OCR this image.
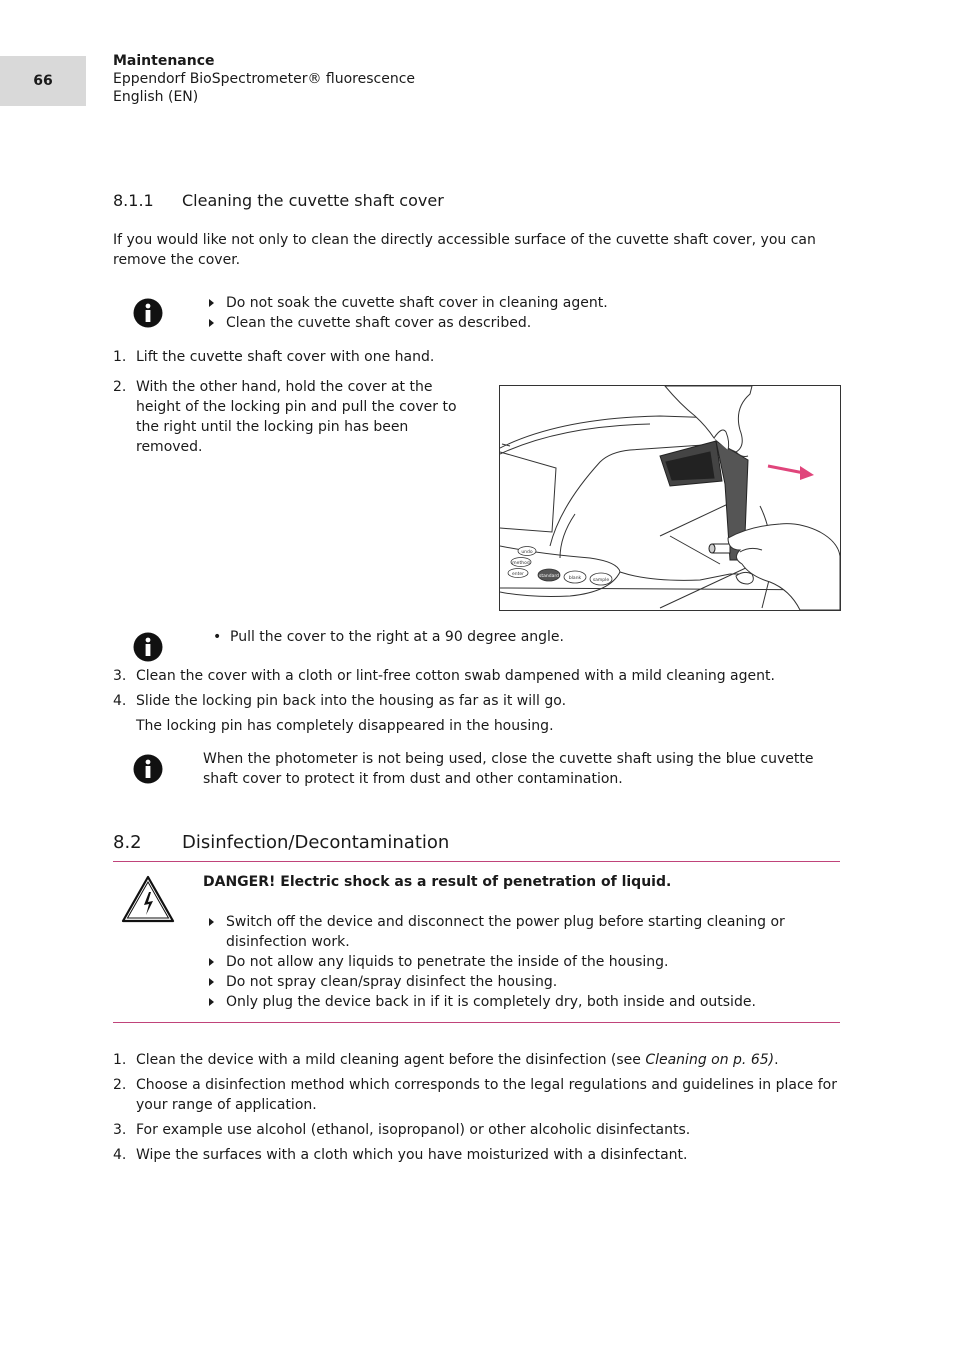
66
Maintenance
Eppendorf BioSpectrometer® fluorescence
English (EN)
8.1.1 Cleaning the cuvette shaft cover
If you would like not only to clean the directly accessible surface of the cuvette shaft cover, you can remove the cover.
Do not soak the cuvette shaft cover in cleaning agent.
Clean the cuvette shaft cover as described.
1. Lift the cuvette shaft cover with one hand.
2. With the other hand, hold the cover at the height of the locking pin and pull the cover to the right until the locking pin has been removed.
undo
method
enter	standard blank	sample
• Pull the cover to the right at a 90 degree angle.
3. Clean the cover with a cloth or lint-free cotton swab dampened with a mild cleaning agent.
4. Slide the locking pin back into the housing as far as it will go.
The locking pin has completely disappeared in the housing.
When the photometer is not being used, close the cuvette shaft using the blue cuvette shaft cover to protect it from dust and other contamination.
8.2 Disinfection/Decontamination
DANGER! Electric shock as a result of penetration of liquid.
Switch off the device and disconnect the power plug before starting cleaning or disinfection work.
Do not allow any liquids to penetrate the inside of the housing.
Do not spray clean/spray disinfect the housing.
Only plug the device back in if it is completely dry, both inside and outside.
1. Clean the device with a mild cleaning agent before the disinfection (see Cleaning on p. 65).
2. Choose a disinfection method which corresponds to the legal regulations and guidelines in place for your range of application.
3. For example use alcohol (ethanol, isopropanol) or other alcoholic disinfectants.
4. Wipe the surfaces with a cloth which you have moisturized with a disinfectant.
